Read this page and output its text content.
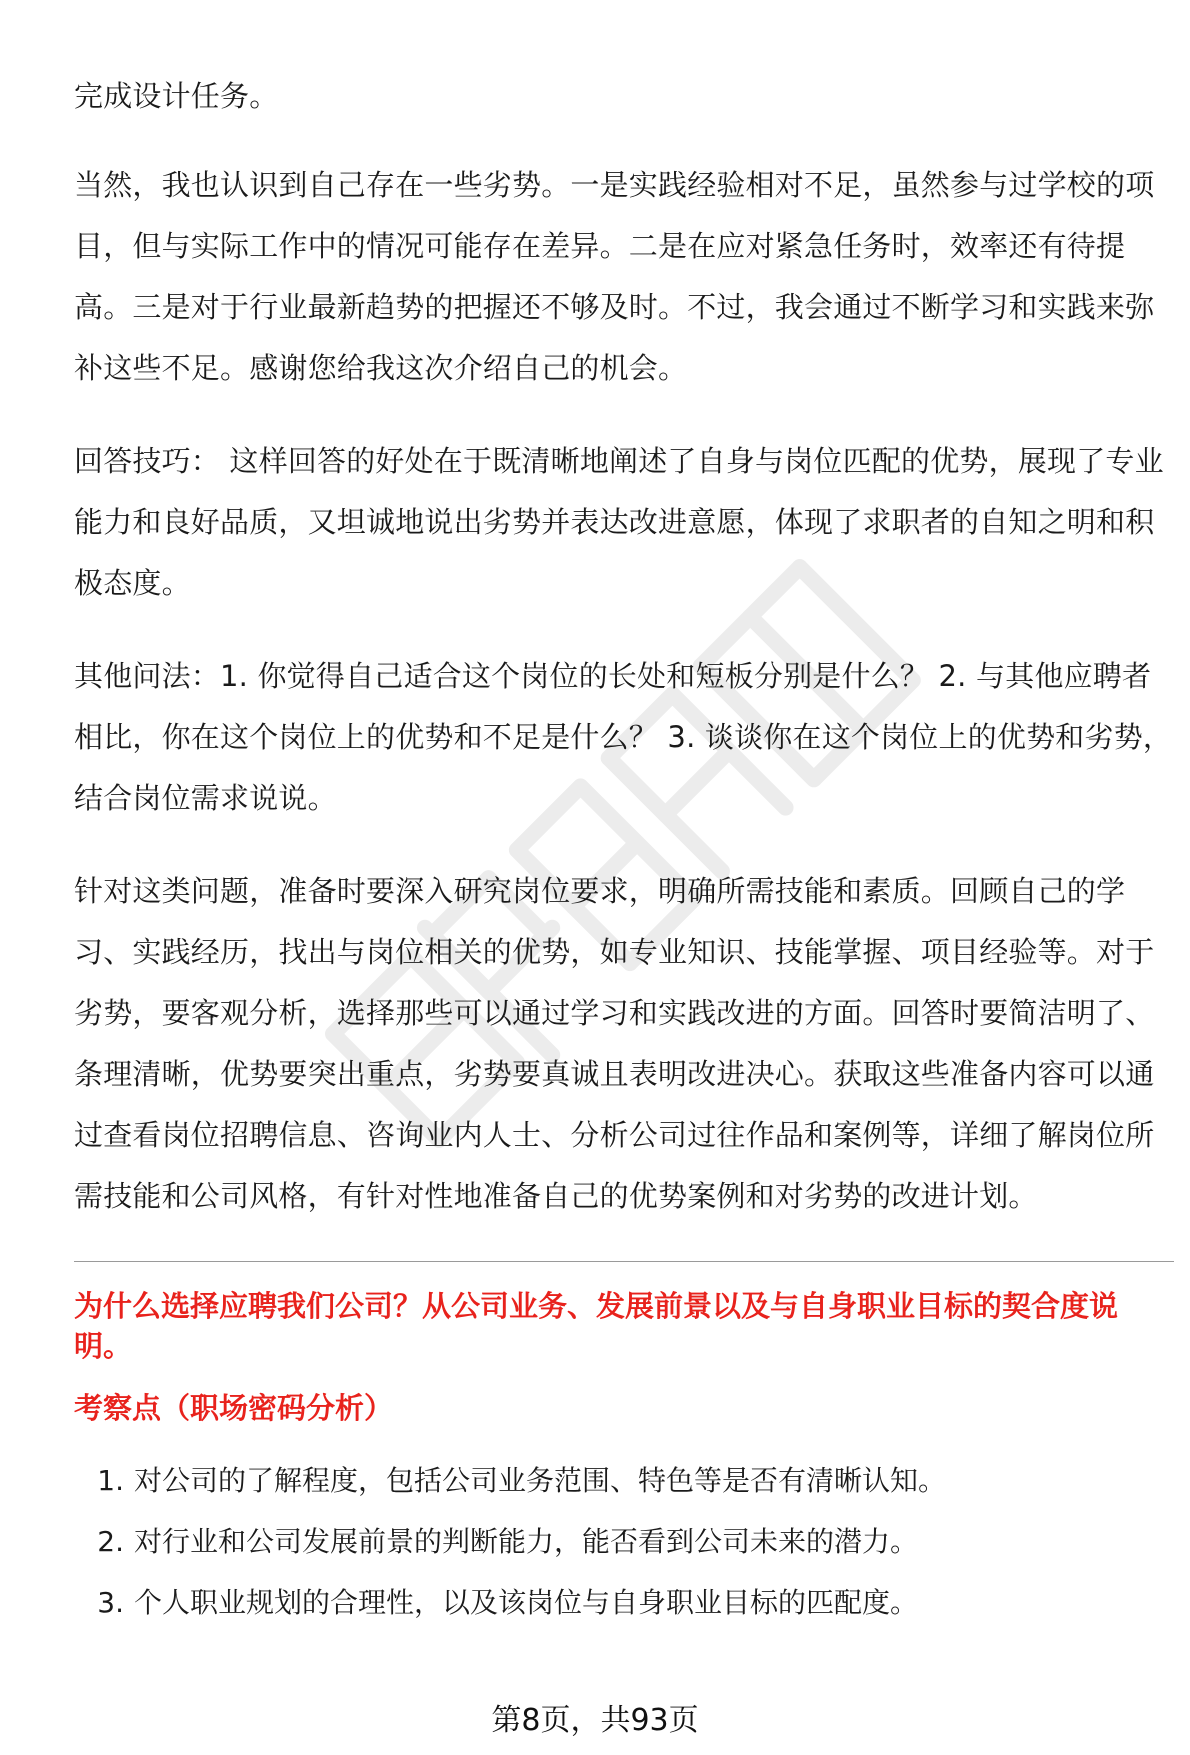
完成设计任务。

当然，我也认识到自己存在一些劣势。一是实践经验相对不足，虽然参与过学校的项目，但与实际工作中的情况可能存在差异。二是在应对紧急任务时，效率还有待提高。三是对于行业最新趋势的把握还不够及时。不过，我会通过不断学习和实践来弥补这些不足。感谢您给我这次介绍自己的机会。

回答技巧： 这样回答的好处在于既清晰地阐述了自身与岗位匹配的优势，展现了专业能力和良好品质，又坦诚地说出劣势并表达改进意愿，体现了求职者的自知之明和积极态度。

其他问法：1. 你觉得自己适合这个岗位的长处和短板分别是什么？ 2. 与其他应聘者相比，你在这个岗位上的优势和不足是什么？ 3. 谈谈你在这个岗位上的优势和劣势，结合岗位需求说说。

针对这类问题，准备时要深入研究岗位要求，明确所需技能和素质。回顾自己的学习、实践经历，找出与岗位相关的优势，如专业知识、技能掌握、项目经验等。对于劣势，要客观分析，选择那些可以通过学习和实践改进的方面。回答时要简洁明了、条理清晰，优势要突出重点，劣势要真诚且表明改进决心。获取这些准备内容可以通过查看岗位招聘信息、咨询业内人士、分析公司过往作品和案例等，详细了解岗位所需技能和公司风格，有针对性地准备自己的优势案例和对劣势的改进计划。

为什么选择应聘我们公司？从公司业务、发展前景以及与自身职业目标的契合度说明。
考察点（职场密码分析）
1. 对公司的了解程度，包括公司业务范围、特色等是否有清晰认知。
2. 对行业和公司发展前景的判断能力，能否看到公司未来的潜力。
3. 个人职业规划的合理性，以及该岗位与自身职业目标的匹配度。
第8页，共93页
